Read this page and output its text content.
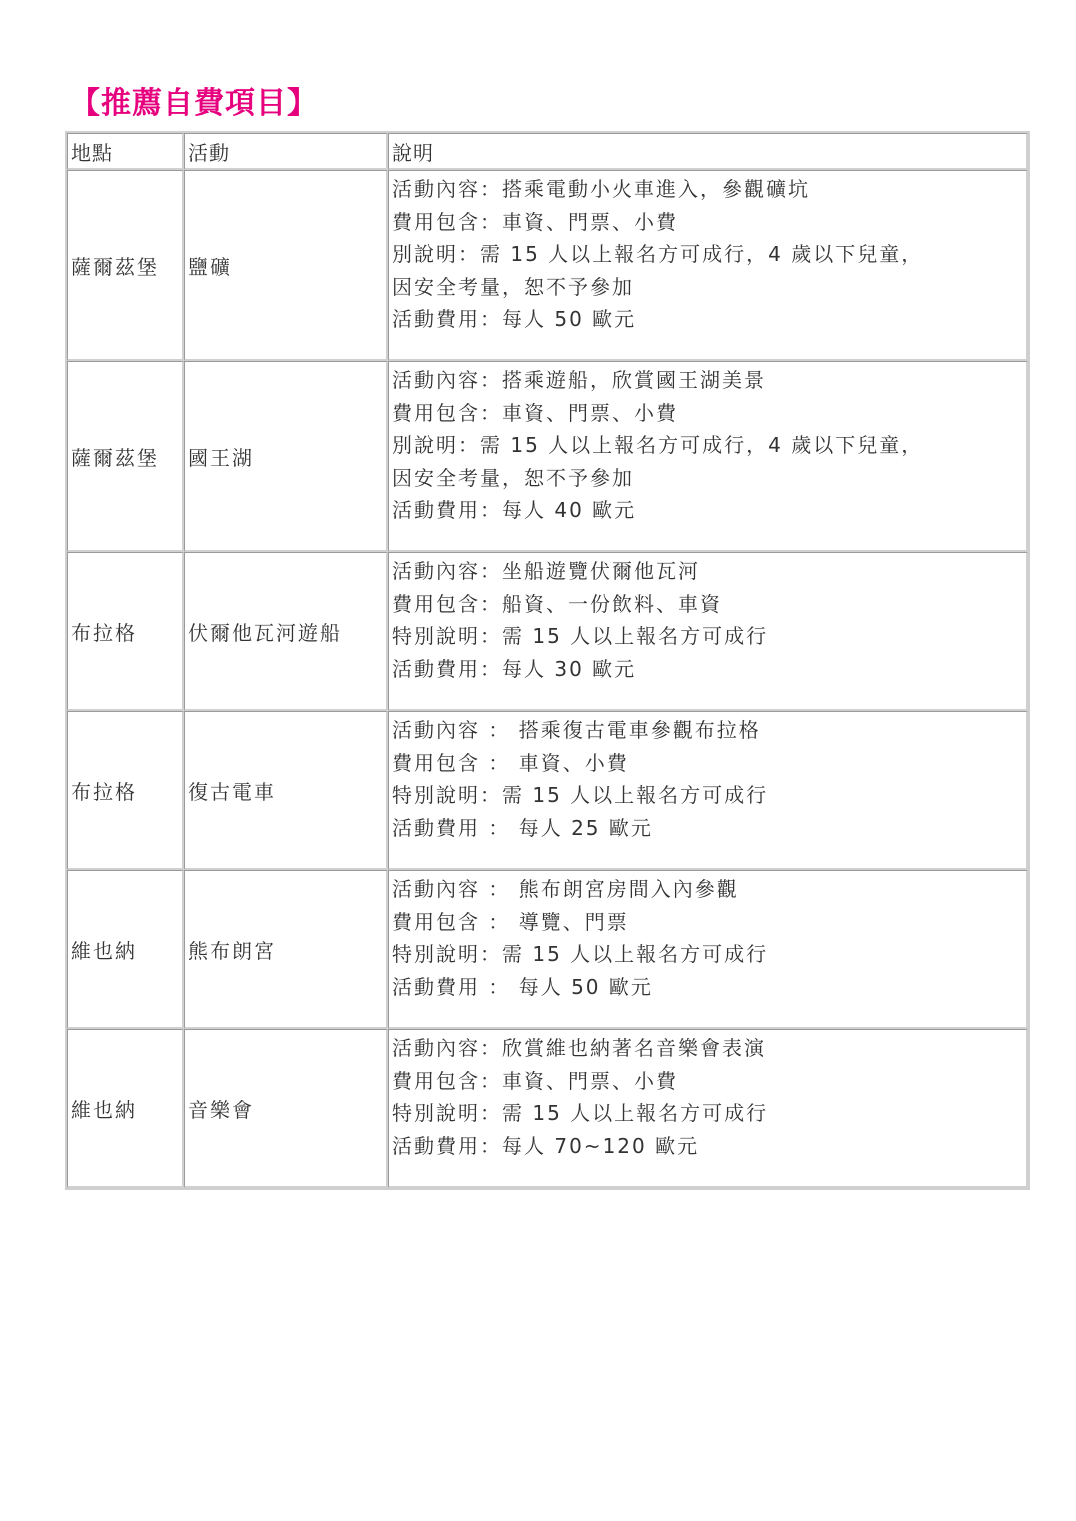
【推薦自費項目】
地點	活動	說明
薩爾茲堡	鹽礦	活動內容：搭乘電動小火車進入，參觀礦坑
費用包含：車資、門票、小費
別說明：需 15 人以上報名方可成行，4 歲以下兒童，
因安全考量，恕不予參加
活動費用：每人 50 歐元

薩爾茲堡	國王湖	活動內容：搭乘遊船，欣賞國王湖美景
費用包含：車資、門票、小費
別說明：需 15 人以上報名方可成行，4 歲以下兒童，
因安全考量，恕不予參加
活動費用：每人 40 歐元

布拉格	伏爾他瓦河遊船	活動內容：坐船遊覽伏爾他瓦河
費用包含：船資、一份飲料、車資
特別說明：需 15 人以上報名方可成行
活動費用：每人 30 歐元

布拉格	復古電車	活動內容 ： 搭乘復古電車參觀布拉格
費用包含 ： 車資、小費
特別說明：需 15 人以上報名方可成行
活動費用 ： 每人 25 歐元

維也納	熊布朗宮	活動內容 ： 熊布朗宮房間入內參觀
費用包含 ： 導覽、門票
特別說明：需 15 人以上報名方可成行
活動費用 ： 每人 50 歐元

維也納	音樂會	活動內容：欣賞維也納著名音樂會表演
費用包含：車資、門票、小費
特別說明：需 15 人以上報名方可成行
活動費用：每人 70~120 歐元
